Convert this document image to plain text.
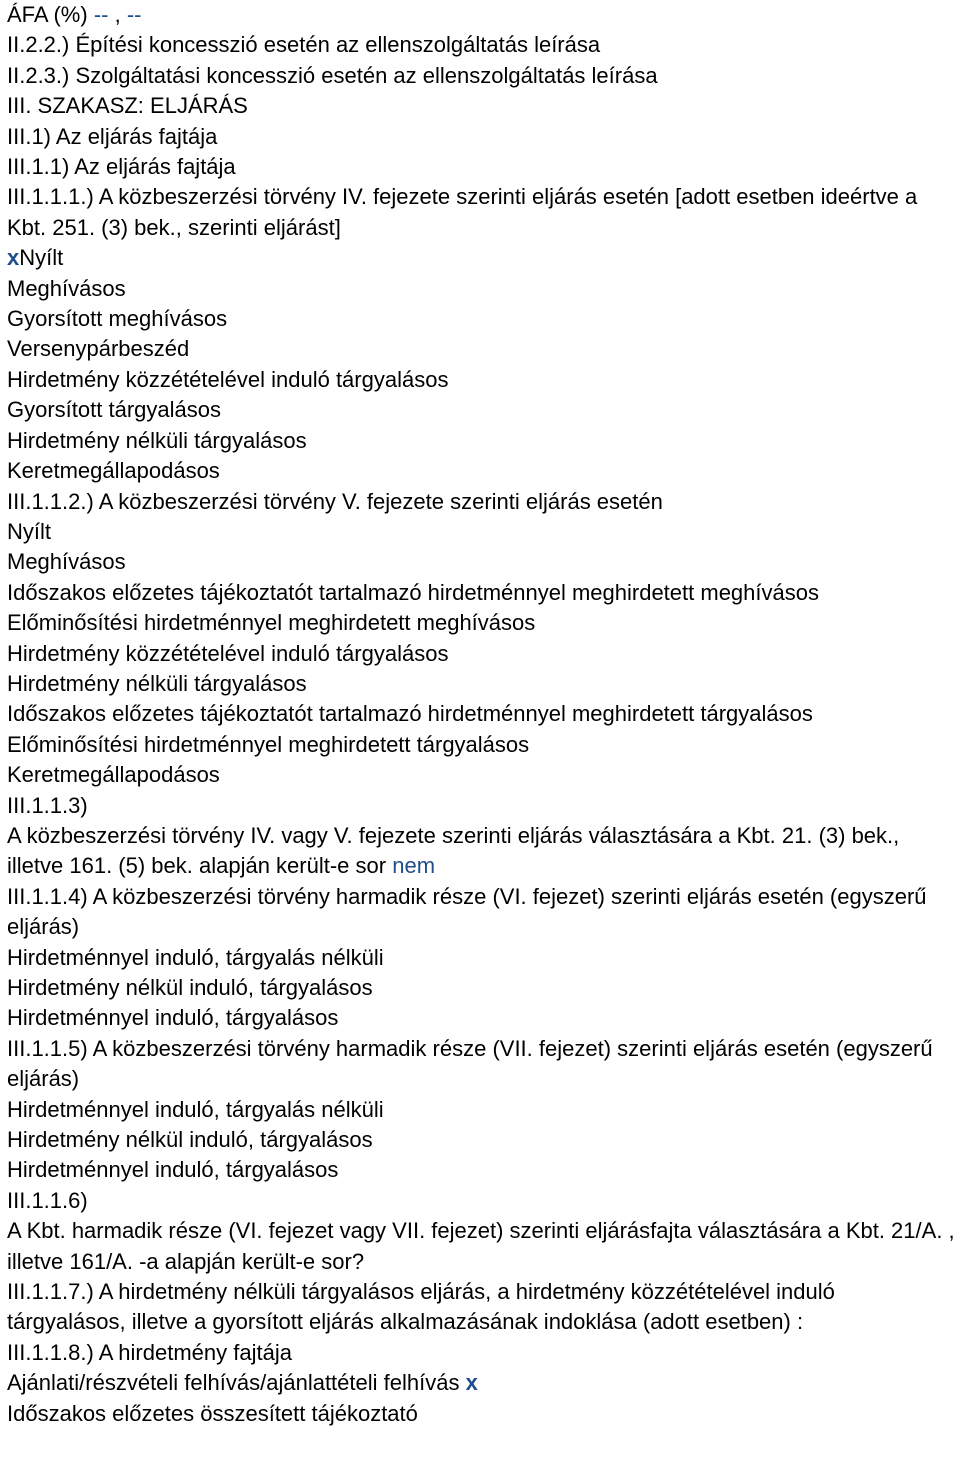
ÁFA (%) -- , --

II.2.2.) Építési koncesszió esetén az ellenszolgáltatás leírása

II.2.3.) Szolgáltatási koncesszió esetén az ellenszolgáltatás leírása

III. SZAKASZ: ELJÁRÁS

III.1) Az eljárás fajtája

III.1.1) Az eljárás fajtája

III.1.1.1.) A közbeszerzési törvény IV. fejezete szerinti eljárás esetén [adott esetben ideértve a Kbt. 251. (3) bek., szerinti eljárást]

xNyílt

Meghívásos

Gyorsított meghívásos

Versenypárbeszéd

Hirdetmény közzétételével induló tárgyalásos

Gyorsított tárgyalásos

Hirdetmény nélküli tárgyalásos

Keretmegállapodásos

III.1.1.2.) A közbeszerzési törvény V. fejezete szerinti eljárás esetén

Nyílt

Meghívásos

Időszakos előzetes tájékoztatót tartalmazó hirdetménnyel meghirdetett meghívásos

Előminősítési hirdetménnyel meghirdetett meghívásos

Hirdetmény közzétételével induló tárgyalásos

Hirdetmény nélküli tárgyalásos

Időszakos előzetes tájékoztatót tartalmazó hirdetménnyel meghirdetett tárgyalásos

Előminősítési hirdetménnyel meghirdetett tárgyalásos

Keretmegállapodásos

III.1.1.3)

A közbeszerzési törvény IV. vagy V. fejezete szerinti eljárás választására a Kbt. 21. (3) bek., illetve 161. (5) bek. alapján került-e sor nem

III.1.1.4) A közbeszerzési törvény harmadik része (VI. fejezet) szerinti eljárás esetén (egyszerű eljárás)

Hirdetménnyel induló, tárgyalás nélküli

Hirdetmény nélkül induló, tárgyalásos

Hirdetménnyel induló, tárgyalásos

III.1.1.5) A közbeszerzési törvény harmadik része (VII. fejezet) szerinti eljárás esetén (egyszerű eljárás)

Hirdetménnyel induló, tárgyalás nélküli

Hirdetmény nélkül induló, tárgyalásos

Hirdetménnyel induló, tárgyalásos

III.1.1.6)

A Kbt. harmadik része (VI. fejezet vagy VII. fejezet) szerinti eljárásfajta választására a Kbt. 21/A. , illetve 161/A. -a alapján került-e sor?

III.1.1.7.) A hirdetmény nélküli tárgyalásos eljárás, a hirdetmény közzétételével induló tárgyalásos, illetve a gyorsított eljárás alkalmazásának indoklása (adott esetben) :

III.1.1.8.) A hirdetmény fajtája

Ajánlati/részvételi felhívás/ajánlattételi felhívás x

Időszakos előzetes összesített tájékoztató
